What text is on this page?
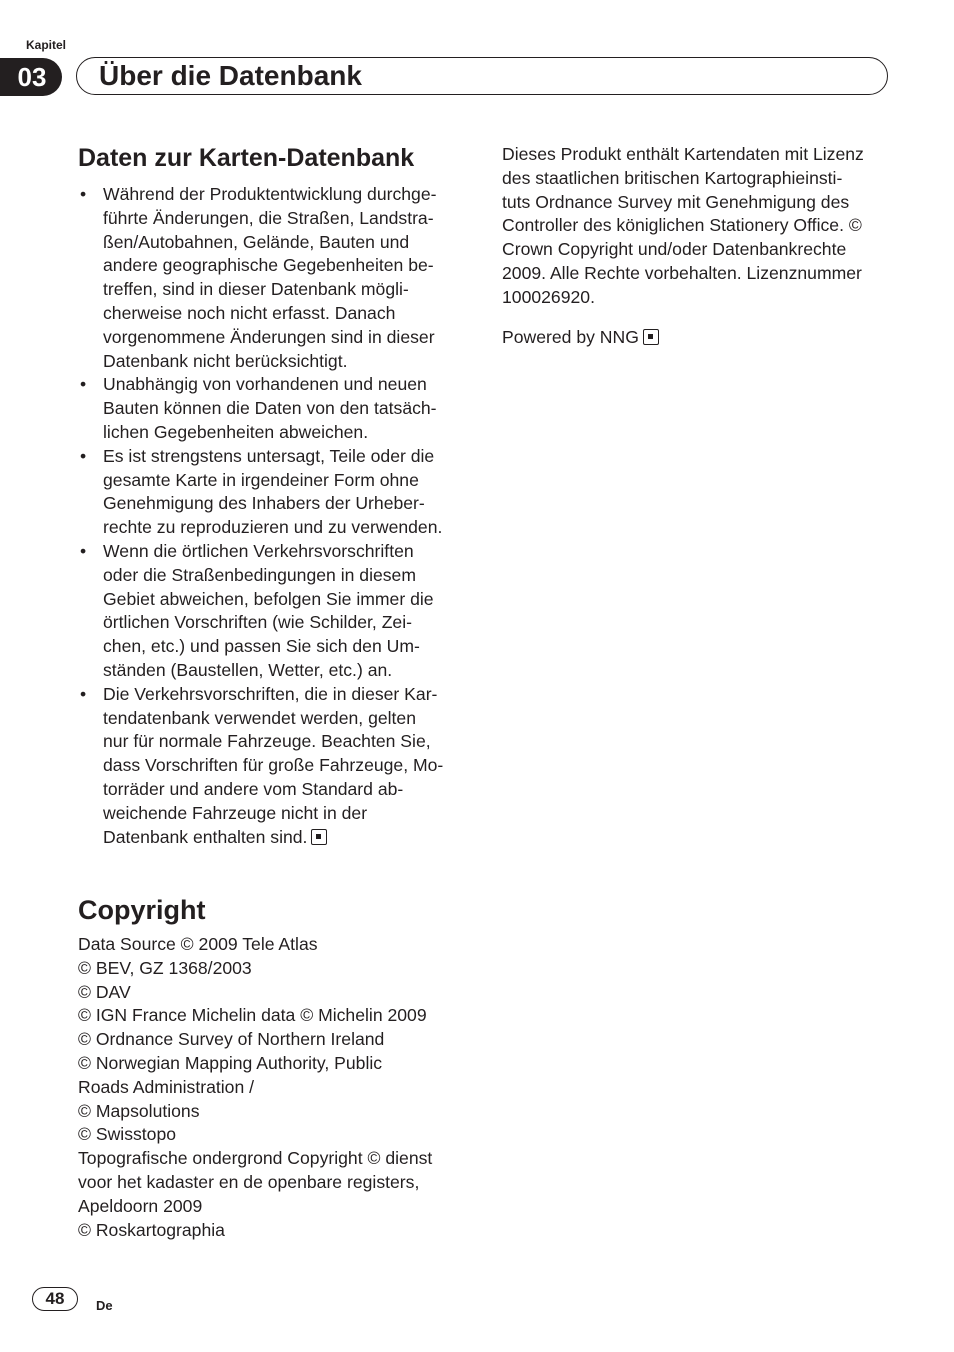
Kapitel
03	Über die Datenbank
Daten zur Karten-Datenbank
• Während der Produktentwicklung durchge-
führte Änderungen, die Straßen, Landstra-
ßen/Autobahnen, Gelände, Bauten und
andere geographische Gegebenheiten be-
treffen, sind in dieser Datenbank mögli-
cherweise noch nicht erfasst. Danach
vorgenommene Änderungen sind in dieser
Datenbank nicht berücksichtigt.
• Unabhängig von vorhandenen und neuen
Bauten können die Daten von den tatsäch-
lichen Gegebenheiten abweichen.
• Es ist strengstens untersagt, Teile oder die
gesamte Karte in irgendeiner Form ohne
Genehmigung des Inhabers der Urheber-
rechte zu reproduzieren und zu verwenden.
• Wenn die örtlichen Verkehrsvorschriften
oder die Straßenbedingungen in diesem
Gebiet abweichen, befolgen Sie immer die
örtlichen Vorschriften (wie Schilder, Zei-
chen, etc.) und passen Sie sich den Um-
ständen (Baustellen, Wetter, etc.) an.
• Die Verkehrsvorschriften, die in dieser Kar-
tendatenbank verwendet werden, gelten
nur für normale Fahrzeuge. Beachten Sie,
dass Vorschriften für große Fahrzeuge, Mo-
torräder und andere vom Standard ab-
weichende Fahrzeuge nicht in der
Datenbank enthalten sind.
Copyright
Data Source © 2009 Tele Atlas
© BEV, GZ 1368/2003
© DAV
© IGN France Michelin data © Michelin 2009
© Ordnance Survey of Northern Ireland
© Norwegian Mapping Authority, Public
Roads Administration /
© Mapsolutions
© Swisstopo
Topografische ondergrond Copyright © dienst
voor het kadaster en de openbare registers,
Apeldoorn 2009
© Roskartographia
Dieses Produkt enthält Kartendaten mit Lizenz
des staatlichen britischen Kartographieinsti-
tuts Ordnance Survey mit Genehmigung des
Controller des königlichen Stationery Office. ©
Crown Copyright und/oder Datenbankrechte
2009. Alle Rechte vorbehalten. Lizenznummer
100026920.
Powered by NNG
48	De
